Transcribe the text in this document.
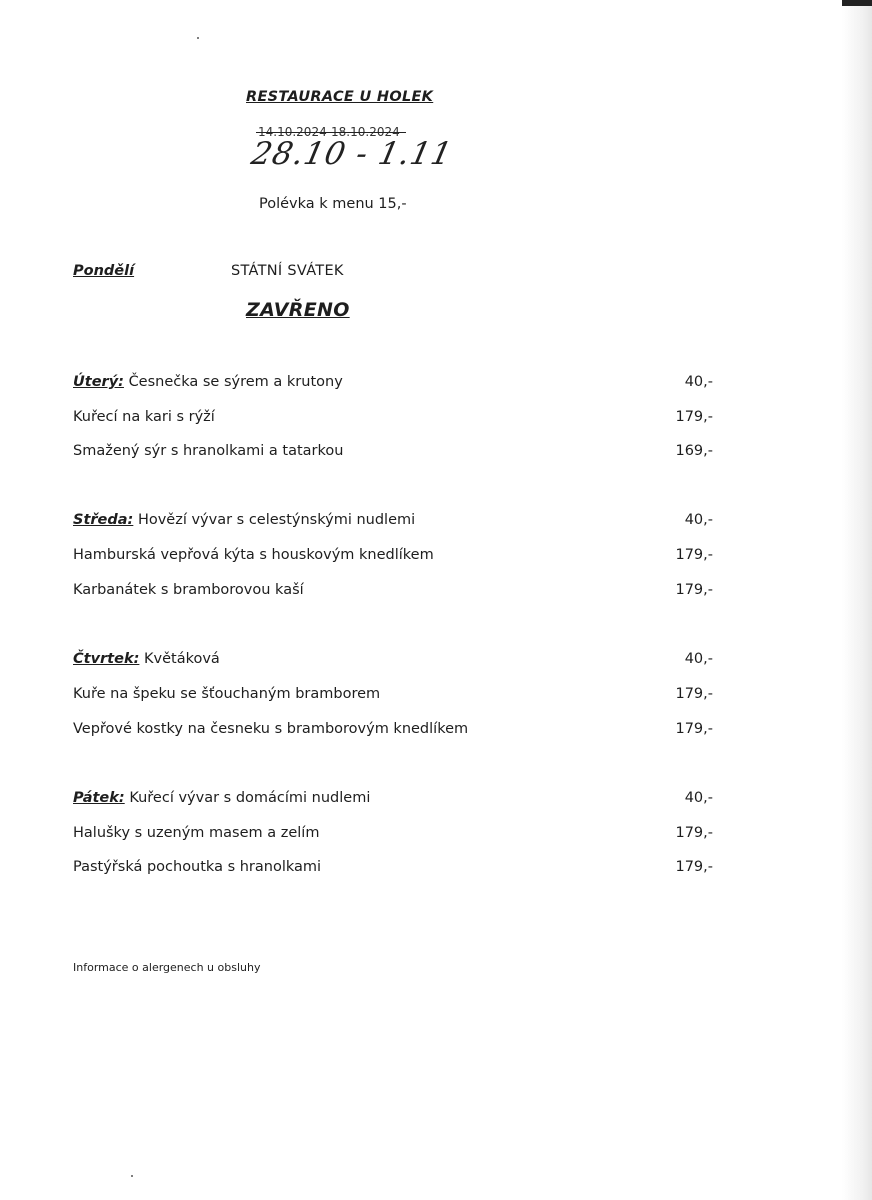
RESTAURACE U HOLEK
14.10.2024-18.10.2024
28.10 - 1.11
Polévka k menu 15,-
Pondělí	STÁTNÍ SVÁTEK
ZAVŘENO
Úterý: Česnečka se sýrem a krutony	40,-
Kuřecí na kari s rýží	179,-
Smažený sýr s hranolkami a tatarkou	169,-
Středa: Hovězí vývar s celestýnskými nudlemi	40,-
Hamburská vepřová kýta s houskovým knedlíkem	179,-
Karbanátek s bramborovou kaší	179,-
Čtvrtek: Květáková	40,-
Kuře na špeku se šťouchaným bramborem	179,-
Vepřové kostky na česneku s bramborovým knedlíkem	179,-
Pátek: Kuřecí vývar s domácími nudlemi	40,-
Halušky s uzeným masem a zelím	179,-
Pastýřská pochoutka s hranolkami	179,-
Informace o alergenech u obsluhy
